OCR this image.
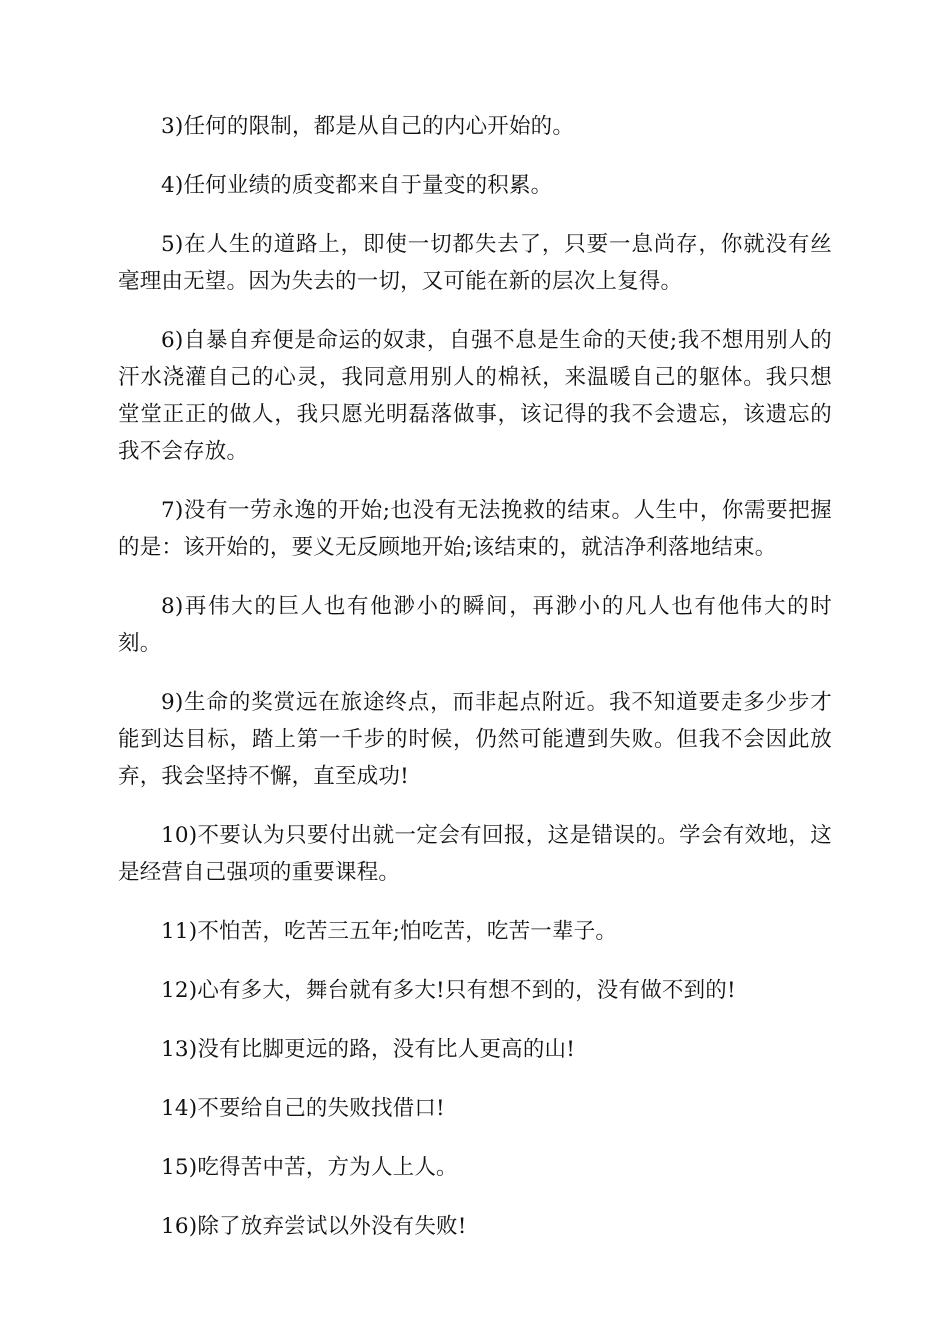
3)任何的限制，都是从自己的内心开始的。

4)任何业绩的质变都来自于量变的积累。

5)在人生的道路上，即使一切都失去了，只要一息尚存，你就没有丝毫理由无望。因为失去的一切，又可能在新的层次上复得。

6)自暴自弃便是命运的奴隶，自强不息是生命的天使;我不想用别人的汗水浇灌自己的心灵，我同意用别人的棉袄，来温暖自己的躯体。我只想堂堂正正的做人，我只愿光明磊落做事，该记得的我不会遗忘，该遗忘的我不会存放。

7)没有一劳永逸的开始;也没有无法挽救的结束。人生中，你需要把握的是：该开始的，要义无反顾地开始;该结束的，就洁净利落地结束。

8)再伟大的巨人也有他渺小的瞬间，再渺小的凡人也有他伟大的时刻。

9)生命的奖赏远在旅途终点，而非起点附近。我不知道要走多少步才能到达目标，踏上第一千步的时候，仍然可能遭到失败。但我不会因此放弃，我会坚持不懈，直至成功!

10)不要认为只要付出就一定会有回报，这是错误的。学会有效地，这是经营自己强项的重要课程。

11)不怕苦，吃苦三五年;怕吃苦，吃苦一辈子。

12)心有多大，舞台就有多大!只有想不到的，没有做不到的!

13)没有比脚更远的路，没有比人更高的山!

14)不要给自己的失败找借口!

15)吃得苦中苦，方为人上人。

16)除了放弃尝试以外没有失败!
